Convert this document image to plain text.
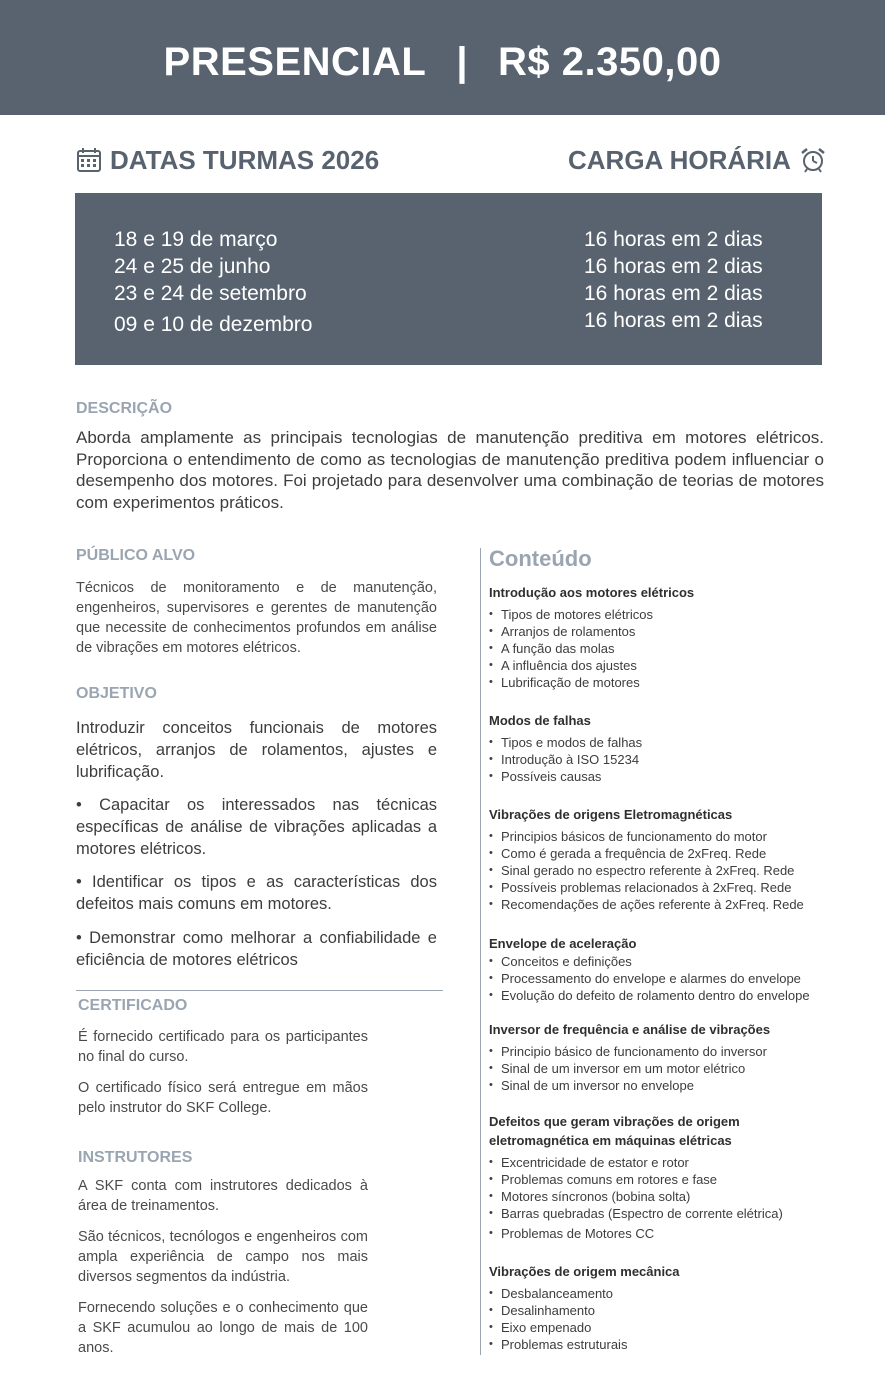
PRESENCIAL | R$ 2.350,00
DATAS TURMAS 2026	CARGA HORÁRIA
18 e 19 de março
24 e 25 de junho
23 e 24 de setembro
09 e 10 de dezembro
16 horas em 2 dias
16 horas em 2 dias
16 horas em 2 dias
16 horas em 2 dias
DESCRIÇÃO
Aborda amplamente as principais tecnologias de manutenção preditiva em motores elétricos. Proporciona o entendimento de como as tecnologias de manutenção preditiva podem influenciar o desempenho dos motores. Foi projetado para desenvolver uma combinação de teorias de motores com experimentos práticos.
PÚBLICO ALVO
Técnicos de monitoramento e de manutenção, engenheiros, supervisores e gerentes de manutenção que necessite de conhecimentos profundos em análise de vibrações em motores elétricos.
OBJETIVO
Introduzir conceitos funcionais de motores elétricos, arranjos de rolamentos, ajustes e lubrificação.
• Capacitar os interessados nas técnicas específicas de análise de vibrações aplicadas a motores elétricos.
• Identificar os tipos e as características dos defeitos mais comuns em motores.
• Demonstrar como melhorar a confiabilidade e eficiência de motores elétricos
CERTIFICADO
É fornecido certificado para os participantes no final do curso.
O certificado físico será entregue em mãos pelo instrutor do SKF College.
INSTRUTORES
A SKF conta com instrutores dedicados à área de treinamentos.
São técnicos, tecnólogos e engenheiros com ampla experiência de campo nos mais diversos segmentos da indústria.
Fornecendo soluções e o conhecimento que a SKF acumulou ao longo de mais de 100 anos.
Conteúdo
Introdução aos motores elétricos
• Tipos de motores elétricos
• Arranjos de rolamentos
• A função das molas
• A influência dos ajustes
• Lubrificação de motores
Modos de falhas
• Tipos e modos de falhas
• Introdução à ISO 15234
• Possíveis causas
Vibrações de origens Eletromagnéticas
• Principios básicos de funcionamento do motor
• Como é gerada a frequência de 2xFreq. Rede
• Sinal gerado no espectro referente à 2xFreq. Rede
• Possíveis problemas relacionados à 2xFreq. Rede
• Recomendações de ações referente à 2xFreq. Rede
Envelope de aceleração
• Conceitos e definições
• Processamento do envelope e alarmes do envelope
• Evolução do defeito de rolamento dentro do envelope
Inversor de frequência e análise de vibrações
• Principio básico de funcionamento do inversor
• Sinal de um inversor em um motor elétrico
• Sinal de um inversor no envelope
Defeitos que geram vibrações de origem eletromagnética em máquinas elétricas
• Excentricidade de estator e rotor
• Problemas comuns em rotores e fase
• Motores síncronos (bobina solta)
• Barras quebradas (Espectro de corrente elétrica)
• Problemas de Motores CC
Vibrações de origem mecânica
• Desbalanceamento
• Desalinhamento
• Eixo empenado
• Problemas estruturais
